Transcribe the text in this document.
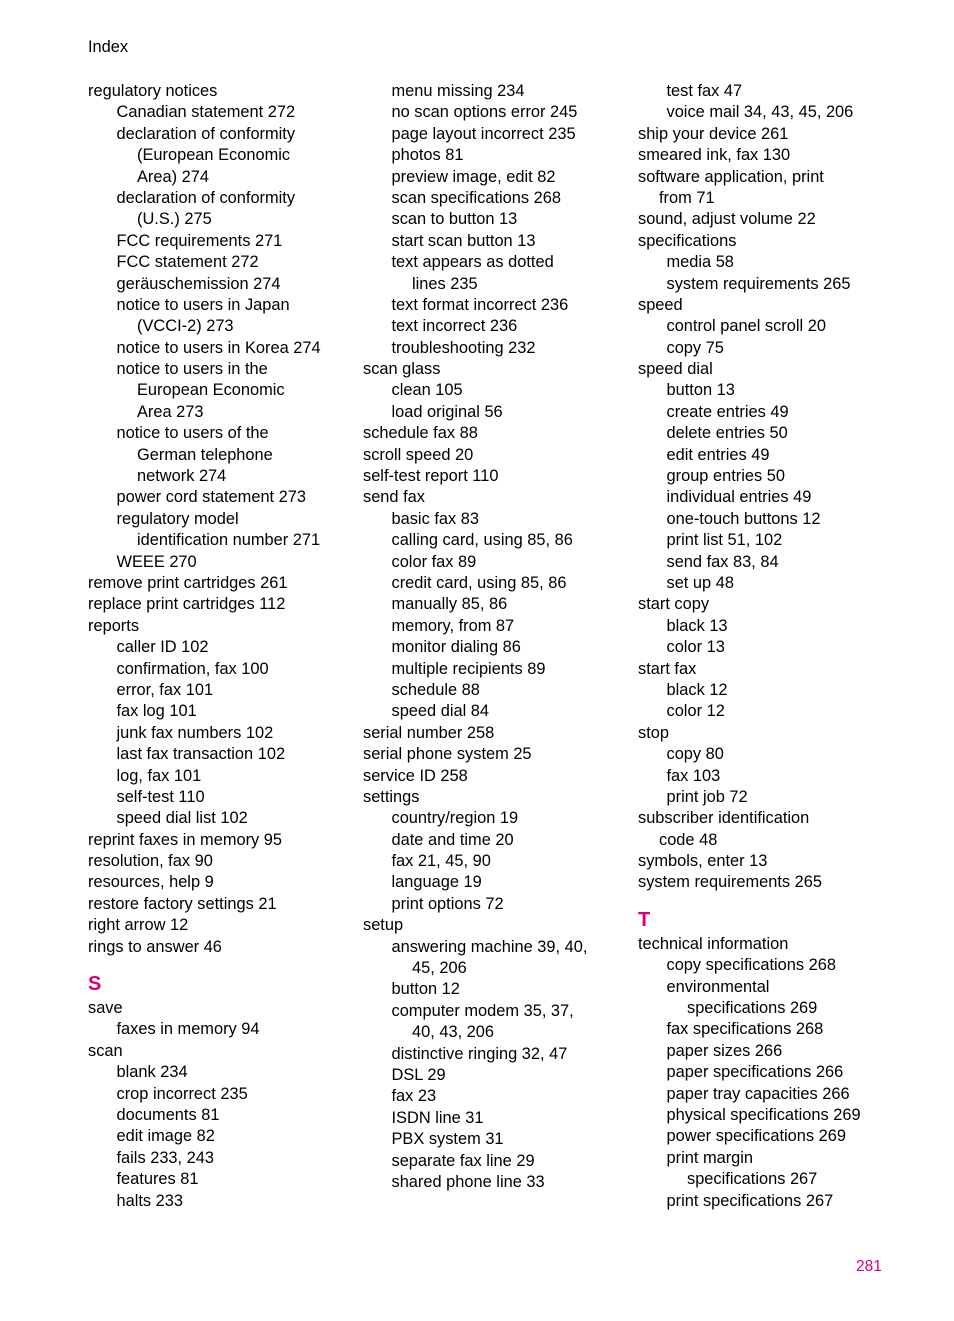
Index
regulatory notices
Canadian statement 272
declaration of conformity
(European Economic
Area) 274
declaration of conformity
(U.S.) 275
FCC requirements 271
FCC statement 272
geräuschemission 274
notice to users in Japan
(VCCI-2) 273
notice to users in Korea 274
notice to users in the
European Economic
Area 273
notice to users of the
German telephone
network 274
power cord statement 273
regulatory model
identification number 271
WEEE 270
remove print cartridges 261
replace print cartridges 112
reports
caller ID 102
confirmation, fax 100
error, fax 101
fax log 101
junk fax numbers 102
last fax transaction 102
log, fax 101
self-test 110
speed dial list 102
reprint faxes in memory 95
resolution, fax 90
resources, help 9
restore factory settings 21
right arrow 12
rings to answer 46
S
save
faxes in memory 94
scan
blank 234
crop incorrect 235
documents 81
edit image 82
fails 233, 243
features 81
halts 233
menu missing 234
no scan options error 245
page layout incorrect 235
photos 81
preview image, edit 82
scan specifications 268
scan to button 13
start scan button 13
text appears as dotted
lines 235
text format incorrect 236
text incorrect 236
troubleshooting 232
scan glass
clean 105
load original 56
schedule fax 88
scroll speed 20
self-test report 110
send fax
basic fax 83
calling card, using 85, 86
color fax 89
credit card, using 85, 86
manually 85, 86
memory, from 87
monitor dialing 86
multiple recipients 89
schedule 88
speed dial 84
serial number 258
serial phone system 25
service ID 258
settings
country/region 19
date and time 20
fax 21, 45, 90
language 19
print options 72
setup
answering machine 39, 40,
45, 206
button 12
computer modem 35, 37,
40, 43, 206
distinctive ringing 32, 47
DSL 29
fax 23
ISDN line 31
PBX system 31
separate fax line 29
shared phone line 33
test fax 47
voice mail 34, 43, 45, 206
ship your device 261
smeared ink, fax 130
software application, print
from 71
sound, adjust volume 22
specifications
media 58
system requirements 265
speed
control panel scroll 20
copy 75
speed dial
button 13
create entries 49
delete entries 50
edit entries 49
group entries 50
individual entries 49
one-touch buttons 12
print list 51, 102
send fax 83, 84
set up 48
start copy
black 13
color 13
start fax
black 12
color 12
stop
copy 80
fax 103
print job 72
subscriber identification
code 48
symbols, enter 13
system requirements 265
T
technical information
copy specifications 268
environmental
specifications 269
fax specifications 268
paper sizes 266
paper specifications 266
paper tray capacities 266
physical specifications 269
power specifications 269
print margin
specifications 267
print specifications 267
281
